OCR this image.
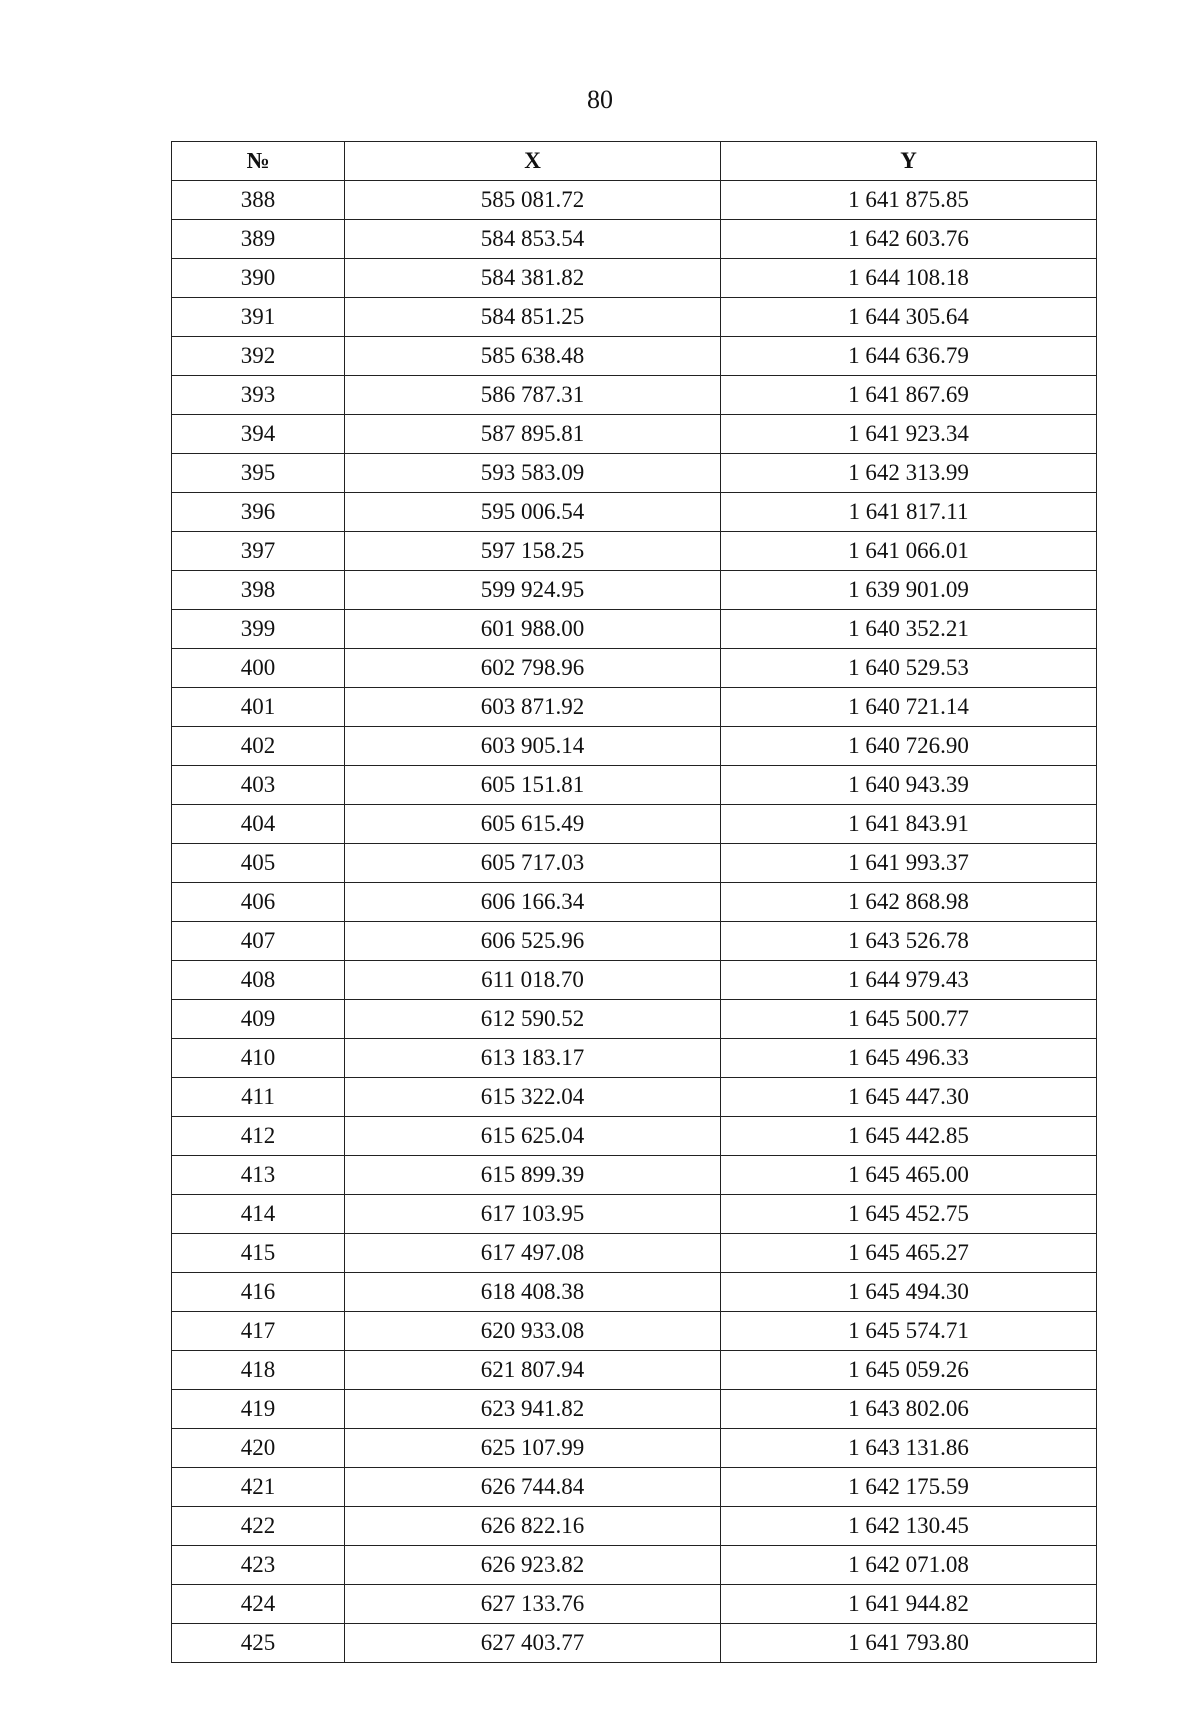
80
№	X	Y
388	585 081.72	1 641 875.85
389	584 853.54	1 642 603.76
390	584 381.82	1 644 108.18
391	584 851.25	1 644 305.64
392	585 638.48	1 644 636.79
393	586 787.31	1 641 867.69
394	587 895.81	1 641 923.34
395	593 583.09	1 642 313.99
396	595 006.54	1 641 817.11
397	597 158.25	1 641 066.01
398	599 924.95	1 639 901.09
399	601 988.00	1 640 352.21
400	602 798.96	1 640 529.53
401	603 871.92	1 640 721.14
402	603 905.14	1 640 726.90
403	605 151.81	1 640 943.39
404	605 615.49	1 641 843.91
405	605 717.03	1 641 993.37
406	606 166.34	1 642 868.98
407	606 525.96	1 643 526.78
408	611 018.70	1 644 979.43
409	612 590.52	1 645 500.77
410	613 183.17	1 645 496.33
411	615 322.04	1 645 447.30
412	615 625.04	1 645 442.85
413	615 899.39	1 645 465.00
414	617 103.95	1 645 452.75
415	617 497.08	1 645 465.27
416	618 408.38	1 645 494.30
417	620 933.08	1 645 574.71
418	621 807.94	1 645 059.26
419	623 941.82	1 643 802.06
420	625 107.99	1 643 131.86
421	626 744.84	1 642 175.59
422	626 822.16	1 642 130.45
423	626 923.82	1 642 071.08
424	627 133.76	1 641 944.82
425	627 403.77	1 641 793.80
